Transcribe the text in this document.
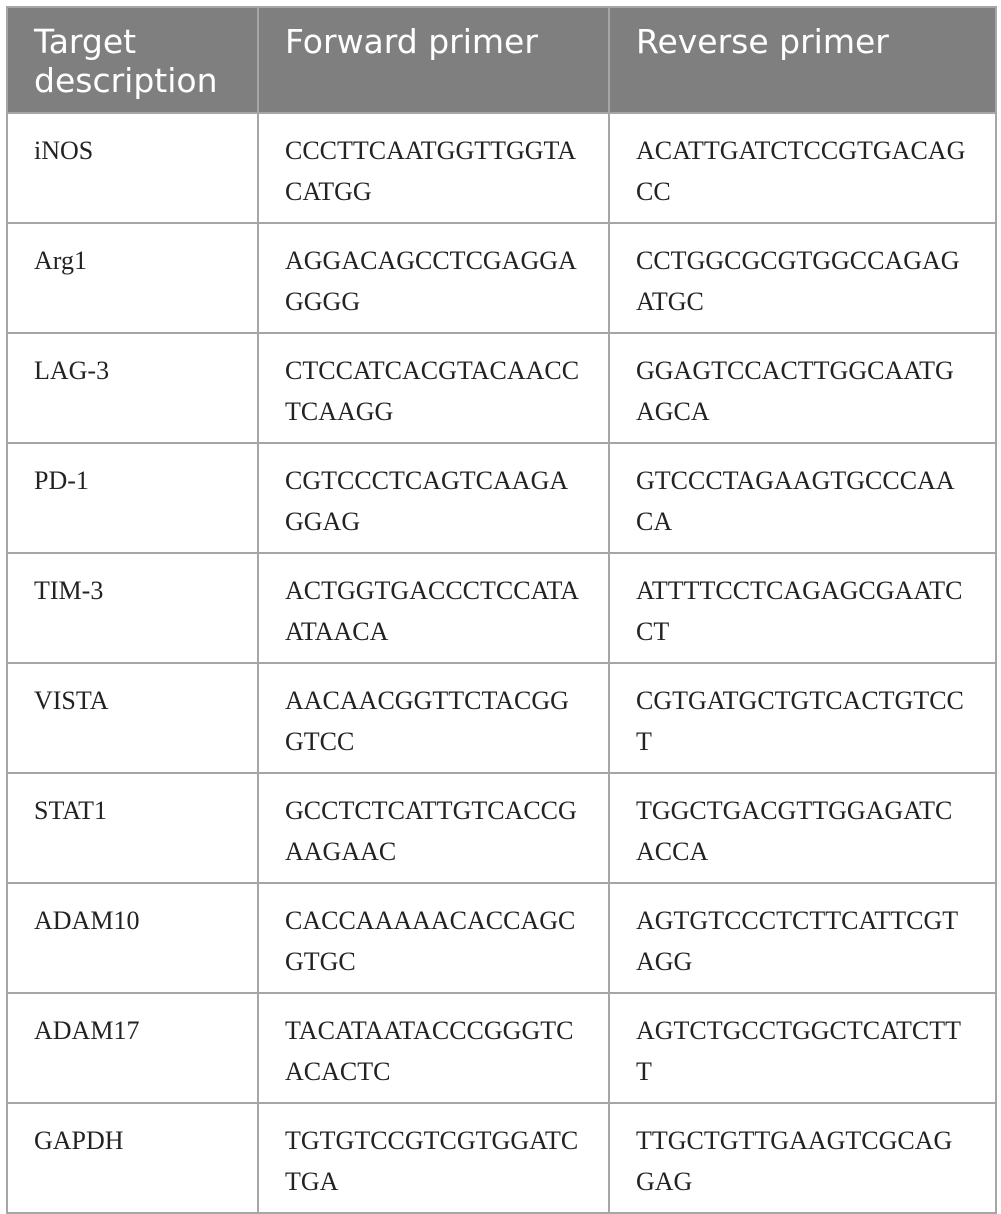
Target description	Forward primer	Reverse primer
iNOS	CCCTTCAATGGTTGGTACATGG	ACATTGATCTCCGTGACAGCC
Arg1	AGGACAGCCTCGAGGAGGGG	CCTGGCGCGTGGCCAGAGATGC
LAG-3	CTCCATCACGTACAACCTCAAGG	GGAGTCCACTTGGCAATGAGCA
PD-1	CGTCCCTCAGTCAAGAGGAG	GTCCCTAGAAGTGCCCAACA
TIM-3	ACTGGTGACCCTCCATAATAACA	ATTTTCCTCAGAGCGAATCCT
VISTA	AACAACGGTTCTACGGGTCC	CGTGATGCTGTCACTGTCCT
STAT1	GCCTCTCATTGTCACCGAAGAAC	TGGCTGACGTTGGAGATCACCA
ADAM10	CACCAAAAACACCAGCGTGC	AGTGTCCCTCTTCATTCGTAGG
ADAM17	TACATAATACCCGGGTCACACTC	AGTCTGCCTGGCTCATCTTT
GAPDH	TGTGTCCGTCGTGGATCTGA	TTGCTGTTGAAGTCGCAGGAG
